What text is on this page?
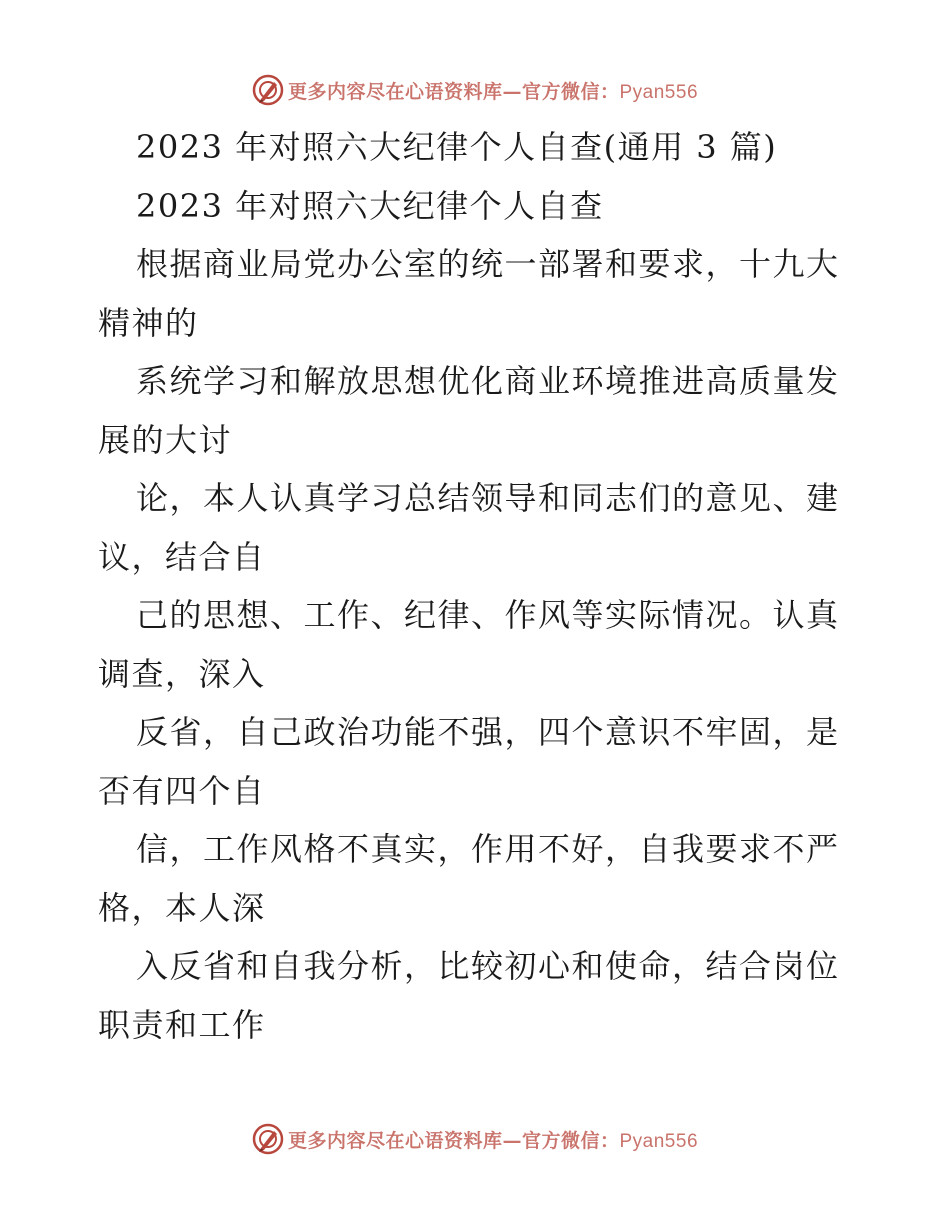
更多内容尽在心语资料库—官方微信：Pyan556
2023 年对照六大纪律个人自查(通用 3 篇)
2023 年对照六大纪律个人自查
根据商业局党办公室的统一部署和要求，十九大
精神的
系统学习和解放思想优化商业环境推进高质量发
展的大讨
论，本人认真学习总结领导和同志们的意见、建
议，结合自
己的思想、工作、纪律、作风等实际情况。认真
调查，深入
反省，自己政治功能不强，四个意识不牢固，是
否有四个自
信，工作风格不真实，作用不好，自我要求不严
格，本人深
入反省和自我分析，比较初心和使命，结合岗位
职责和工作
更多内容尽在心语资料库—官方微信：Pyan556
